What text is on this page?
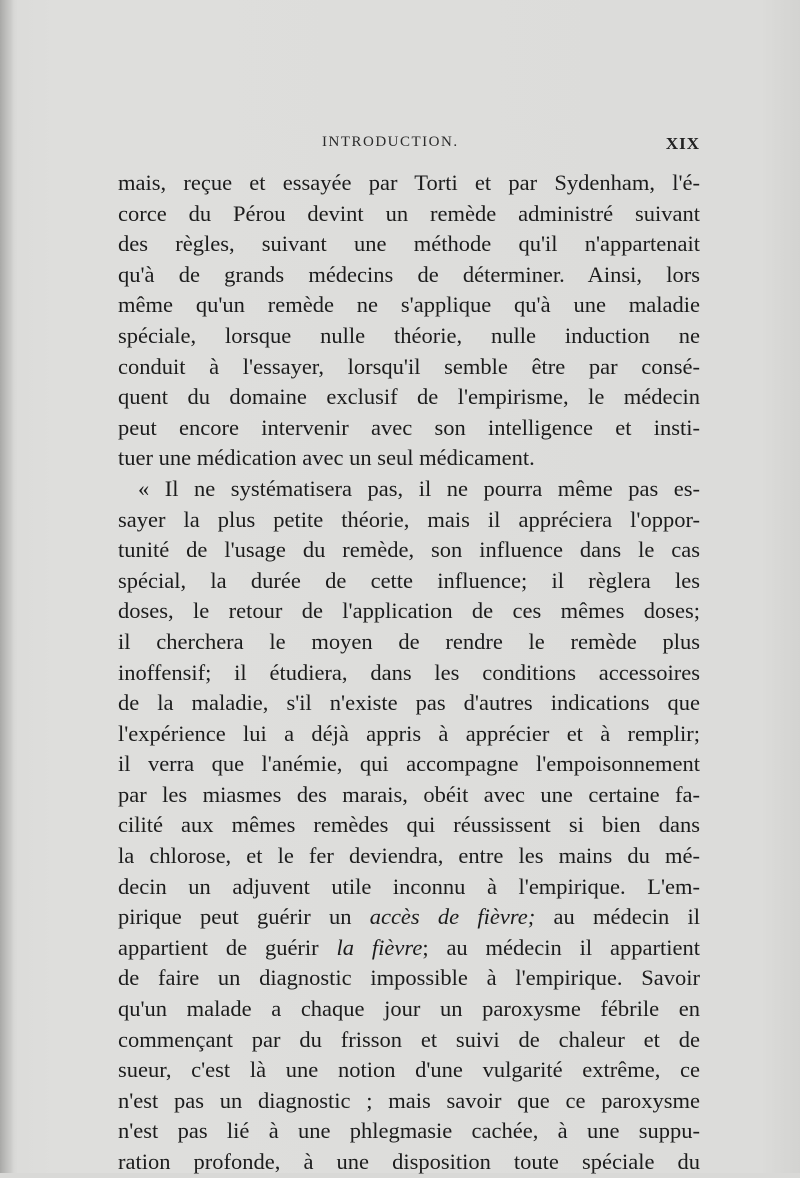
INTRODUCTION.	XIX
mais, reçue et essayée par Torti et par Sydenham, l'é-
corce du Pérou devint un remède administré suivant
des règles, suivant une méthode qu'il n'appartenait
qu'à de grands médecins de déterminer. Ainsi, lors
même qu'un remède ne s'applique qu'à une maladie
spéciale, lorsque nulle théorie, nulle induction ne
conduit à l'essayer, lorsqu'il semble être par consé-
quent du domaine exclusif de l'empirisme, le médecin
peut encore intervenir avec son intelligence et insti-
tuer une médication avec un seul médicament.
« Il ne systématisera pas, il ne pourra même pas es-
sayer la plus petite théorie, mais il appréciera l'oppor-
tunité de l'usage du remède, son influence dans le cas
spécial, la durée de cette influence; il règlera les
doses, le retour de l'application de ces mêmes doses;
il cherchera le moyen de rendre le remède plus
inoffensif; il étudiera, dans les conditions accessoires
de la maladie, s'il n'existe pas d'autres indications que
l'expérience lui a déjà appris à apprécier et à remplir;
il verra que l'anémie, qui accompagne l'empoisonnement
par les miasmes des marais, obéit avec une certaine fa-
cilité aux mêmes remèdes qui réussissent si bien dans
la chlorose, et le fer deviendra, entre les mains du mé-
decin un adjuvent utile inconnu à l'empirique. L'em-
pirique peut guérir un accès de fièvre; au médecin il
appartient de guérir la fièvre; au médecin il appartient
de faire un diagnostic impossible à l'empirique. Savoir
qu'un malade a chaque jour un paroxysme fébrile en
commençant par du frisson et suivi de chaleur et de
sueur, c'est là une notion d'une vulgarité extrême, ce
n'est pas un diagnostic ; mais savoir que ce paroxysme
n'est pas lié à une phlegmasie cachée, à une suppu-
ration profonde, à une disposition toute spéciale du
